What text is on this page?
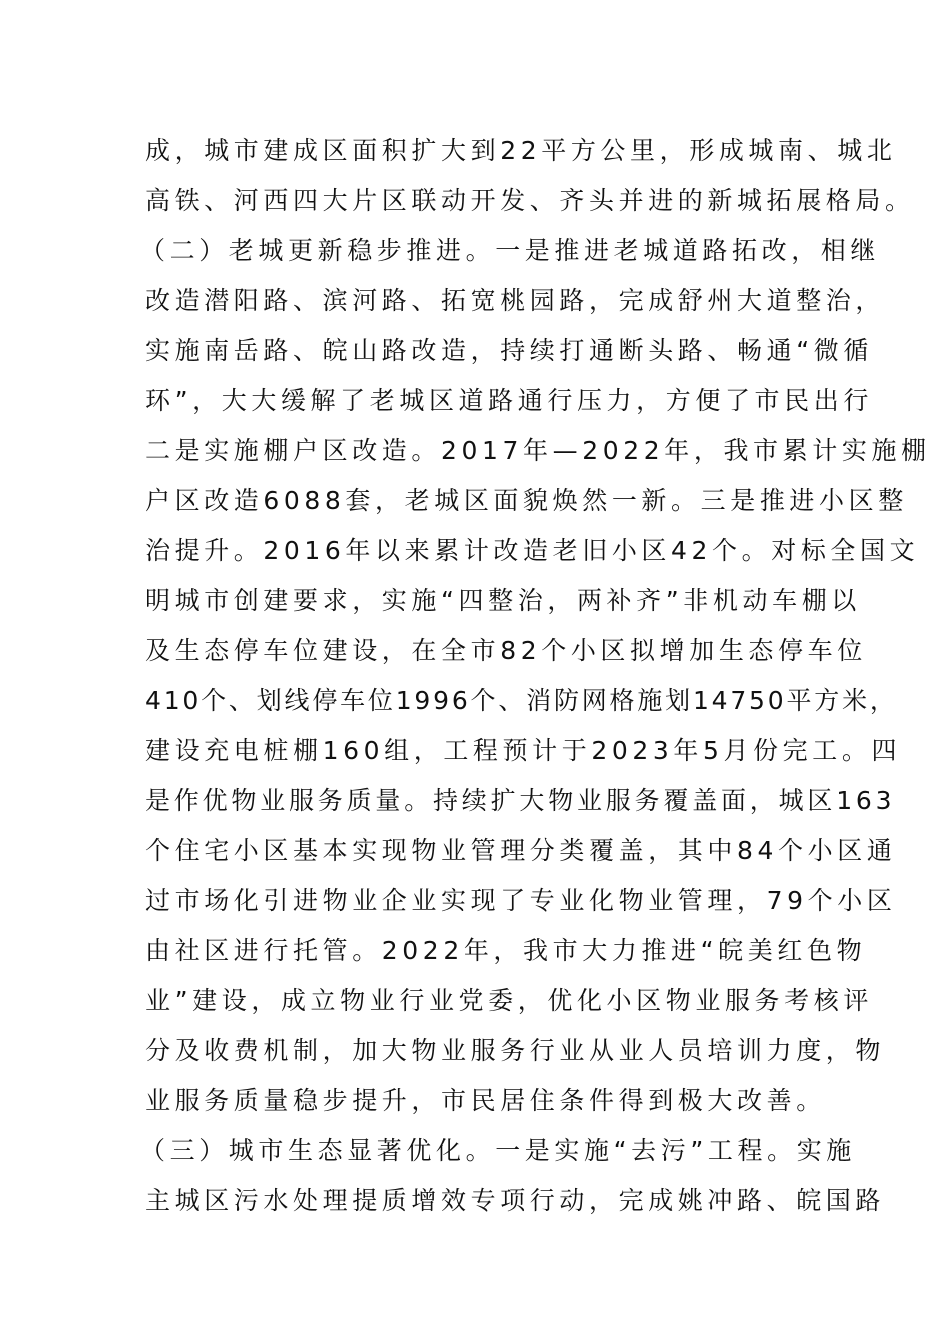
成，城市建成区面积扩大到22平方公里，形成城南、城北
高铁、河西四大片区联动开发、齐头并进的新城拓展格局。
（二）老城更新稳步推进。一是推进老城道路拓改，相继
改造潜阳路、滨河路、拓宽桃园路，完成舒州大道整治，
实施南岳路、皖山路改造，持续打通断头路、畅通“微循
环”，大大缓解了老城区道路通行压力，方便了市民出行
二是实施棚户区改造。2017年—2022年，我市累计实施棚
户区改造6088套，老城区面貌焕然一新。三是推进小区整
治提升。2016年以来累计改造老旧小区42个。对标全国文
明城市创建要求，实施“四整治，两补齐”非机动车棚以
及生态停车位建设，在全市82个小区拟增加生态停车位
410个、划线停车位1996个、消防网格施划14750平方米，
建设充电桩棚160组，工程预计于2023年5月份完工。四
是作优物业服务质量。持续扩大物业服务覆盖面，城区163
个住宅小区基本实现物业管理分类覆盖，其中84个小区通
过市场化引进物业企业实现了专业化物业管理，79个小区
由社区进行托管。2022年，我市大力推进“皖美红色物
业”建设，成立物业行业党委，优化小区物业服务考核评
分及收费机制，加大物业服务行业从业人员培训力度，物
业服务质量稳步提升，市民居住条件得到极大改善。
（三）城市生态显著优化。一是实施“去污”工程。实施
主城区污水处理提质增效专项行动，完成姚冲路、皖国路
